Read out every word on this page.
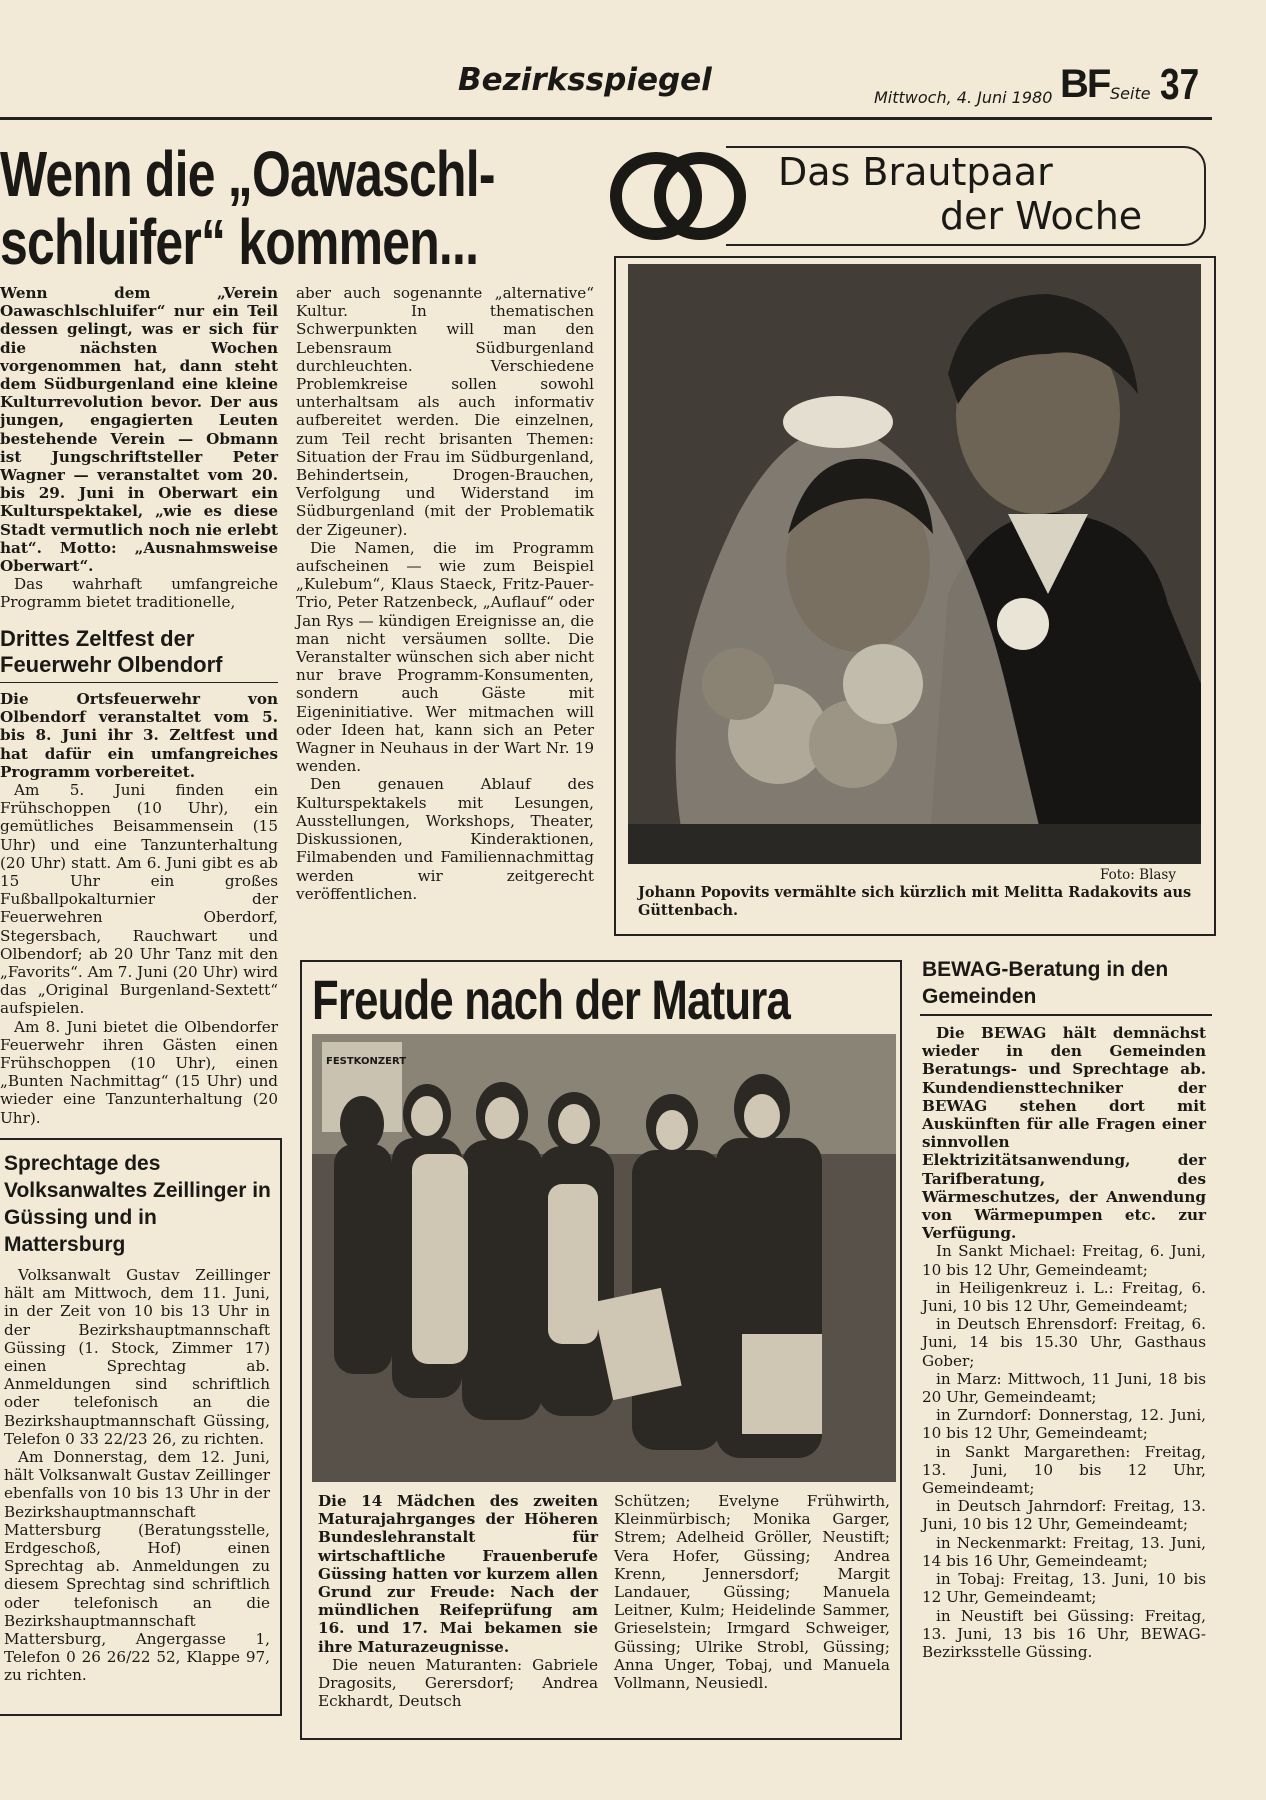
Bezirksspiegel	Mittwoch, 4. Juni 1980 BF Seite 37
Wenn die „Oawaschl-
schluifer“ kommen...

Wenn dem „Verein Oawaschlschluifer“ nur ein Teil dessen gelingt, was er sich für die nächsten Wochen vorgenommen hat, dann steht dem Südburgenland eine kleine Kulturrevolution bevor. Der aus jungen, engagierten Leuten bestehende Verein — Obmann ist Jungschriftsteller Peter Wagner — veranstaltet vom 20. bis 29. Juni in Oberwart ein Kulturspektakel, „wie es diese Stadt vermutlich noch nie erlebt hat“. Motto: „Ausnahmsweise Oberwart“.

Das wahrhaft umfangreiche Programm bietet traditionelle,

aber auch sogenannte „alternative“ Kultur. In thematischen Schwerpunkten will man den Lebensraum Südburgenland durchleuchten. Verschiedene Problemkreise sollen sowohl unterhaltsam als auch informativ aufbereitet werden. Die einzelnen, zum Teil recht brisanten Themen: Situation der Frau im Südburgenland, Behindertsein, Drogen-Brauchen, Verfolgung und Widerstand im Südburgenland (mit der Problematik der Zigeuner).

Die Namen, die im Programm aufscheinen — wie zum Beispiel „Kulebum“, Klaus Staeck, Fritz-Pauer-Trio, Peter Ratzenbeck, „Auflauf“ oder Jan Rys — kündigen Ereignisse an, die man nicht versäumen sollte. Die Veranstalter wünschen sich aber nicht nur brave Programm-Konsumenten, sondern auch Gäste mit Eigeninitiative. Wer mitmachen will oder Ideen hat, kann sich an Peter Wagner in Neuhaus in der Wart Nr. 19 wenden.

Den genauen Ablauf des Kulturspektakels mit Lesungen, Ausstellungen, Workshops, Theater, Diskussionen, Kinderaktionen, Filmabenden und Familiennachmittag werden wir zeitgerecht veröffentlichen.

Drittes Zeltfest der
Feuerwehr Olbendorf

Die Ortsfeuerwehr von Olbendorf veranstaltet vom 5. bis 8. Juni ihr 3. Zeltfest und hat dafür ein umfangreiches Programm vorbereitet.

Am 5. Juni finden ein Frühschoppen (10 Uhr), ein gemütliches Beisammensein (15 Uhr) und eine Tanzunterhaltung (20 Uhr) statt. Am 6. Juni gibt es ab 15 Uhr ein großes Fußballpokalturnier der Feuerwehren Oberdorf, Stegersbach, Rauchwart und Olbendorf; ab 20 Uhr Tanz mit den „Favorits“. Am 7. Juni (20 Uhr) wird das „Original Burgenland-Sextett“ aufspielen.

Am 8. Juni bietet die Olbendorfer Feuerwehr ihren Gästen einen Frühschoppen (10 Uhr), einen „Bunten Nachmittag“ (15 Uhr) und wieder eine Tanzunterhaltung (20 Uhr).

Sprechtage des Volksanwaltes Zeillinger in Güssing und in Mattersburg

Volksanwalt Gustav Zeillinger hält am Mittwoch, dem 11. Juni, in der Zeit von 10 bis 13 Uhr in der Bezirkshauptmannschaft Güssing (1. Stock, Zimmer 17) einen Sprechtag ab. Anmeldungen sind schriftlich oder telefonisch an die Bezirkshauptmannschaft Güssing, Telefon 0 33 22/23 26, zu richten.

Am Donnerstag, dem 12. Juni, hält Volksanwalt Gustav Zeillinger ebenfalls von 10 bis 13 Uhr in der Bezirkshauptmannschaft Mattersburg (Beratungsstelle, Erdgeschoß, Hof) einen Sprechtag ab. Anmeldungen zu diesem Sprechtag sind schriftlich oder telefonisch an die Bezirkshauptmannschaft Mattersburg, Angergasse 1, Telefon 0 26 26/22 52, Klappe 97, zu richten.

Das Brautpaar
der Woche
Foto: Blasy
Johann Popovits vermählte sich kürzlich mit Melitta Radakovits aus Güttenbach.
Freude nach der Matura
FESTKONZERT

Die 14 Mädchen des zweiten Maturajahrganges der Höheren Bundeslehranstalt für wirtschaftliche Frauenberufe Güssing hatten vor kurzem allen Grund zur Freude: Nach der mündlichen Reifeprüfung am 16. und 17. Mai bekamen sie ihre Maturazeugnisse.

Die neuen Maturanten: Gabriele Dragosits, Gerersdorf; Andrea Eckhardt, Deutsch

Schützen; Evelyne Frühwirth, Kleinmürbisch; Monika Garger, Strem; Adelheid Gröller, Neustift; Vera Hofer, Güssing; Andrea Krenn, Jennersdorf; Margit Landauer, Güssing; Manuela Leitner, Kulm; Heidelinde Sammer, Grieselstein; Irmgard Schweiger, Güssing; Ulrike Strobl, Güssing; Anna Unger, Tobaj, und Manuela Vollmann, Neusiedl.

BEWAG-Beratung in den Gemeinden

Die BEWAG hält demnächst wieder in den Gemeinden Beratungs- und Sprechtage ab. Kundendiensttechniker der BEWAG stehen dort mit Auskünften für alle Fragen einer sinnvollen Elektrizitätsanwendung, der Tarifberatung, des Wärmeschutzes, der Anwendung von Wärmepumpen etc. zur Verfügung.

In Sankt Michael: Freitag, 6. Juni, 10 bis 12 Uhr, Gemeindeamt;

in Heiligenkreuz i. L.: Freitag, 6. Juni, 10 bis 12 Uhr, Gemeindeamt;

in Deutsch Ehrensdorf: Freitag, 6. Juni, 14 bis 15.30 Uhr, Gasthaus Gober;

in Marz: Mittwoch, 11 Juni, 18 bis 20 Uhr, Gemeindeamt;

in Zurndorf: Donnerstag, 12. Juni, 10 bis 12 Uhr, Gemeindeamt;

in Sankt Margarethen: Freitag, 13. Juni, 10 bis 12 Uhr, Gemeindeamt;

in Deutsch Jahrndorf: Freitag, 13. Juni, 10 bis 12 Uhr, Gemeindeamt;

in Neckenmarkt: Freitag, 13. Juni, 14 bis 16 Uhr, Gemeindeamt;

in Tobaj: Freitag, 13. Juni, 10 bis 12 Uhr, Gemeindeamt;

in Neustift bei Güssing: Freitag, 13. Juni, 13 bis 16 Uhr, BEWAG-Bezirksstelle Güssing.
